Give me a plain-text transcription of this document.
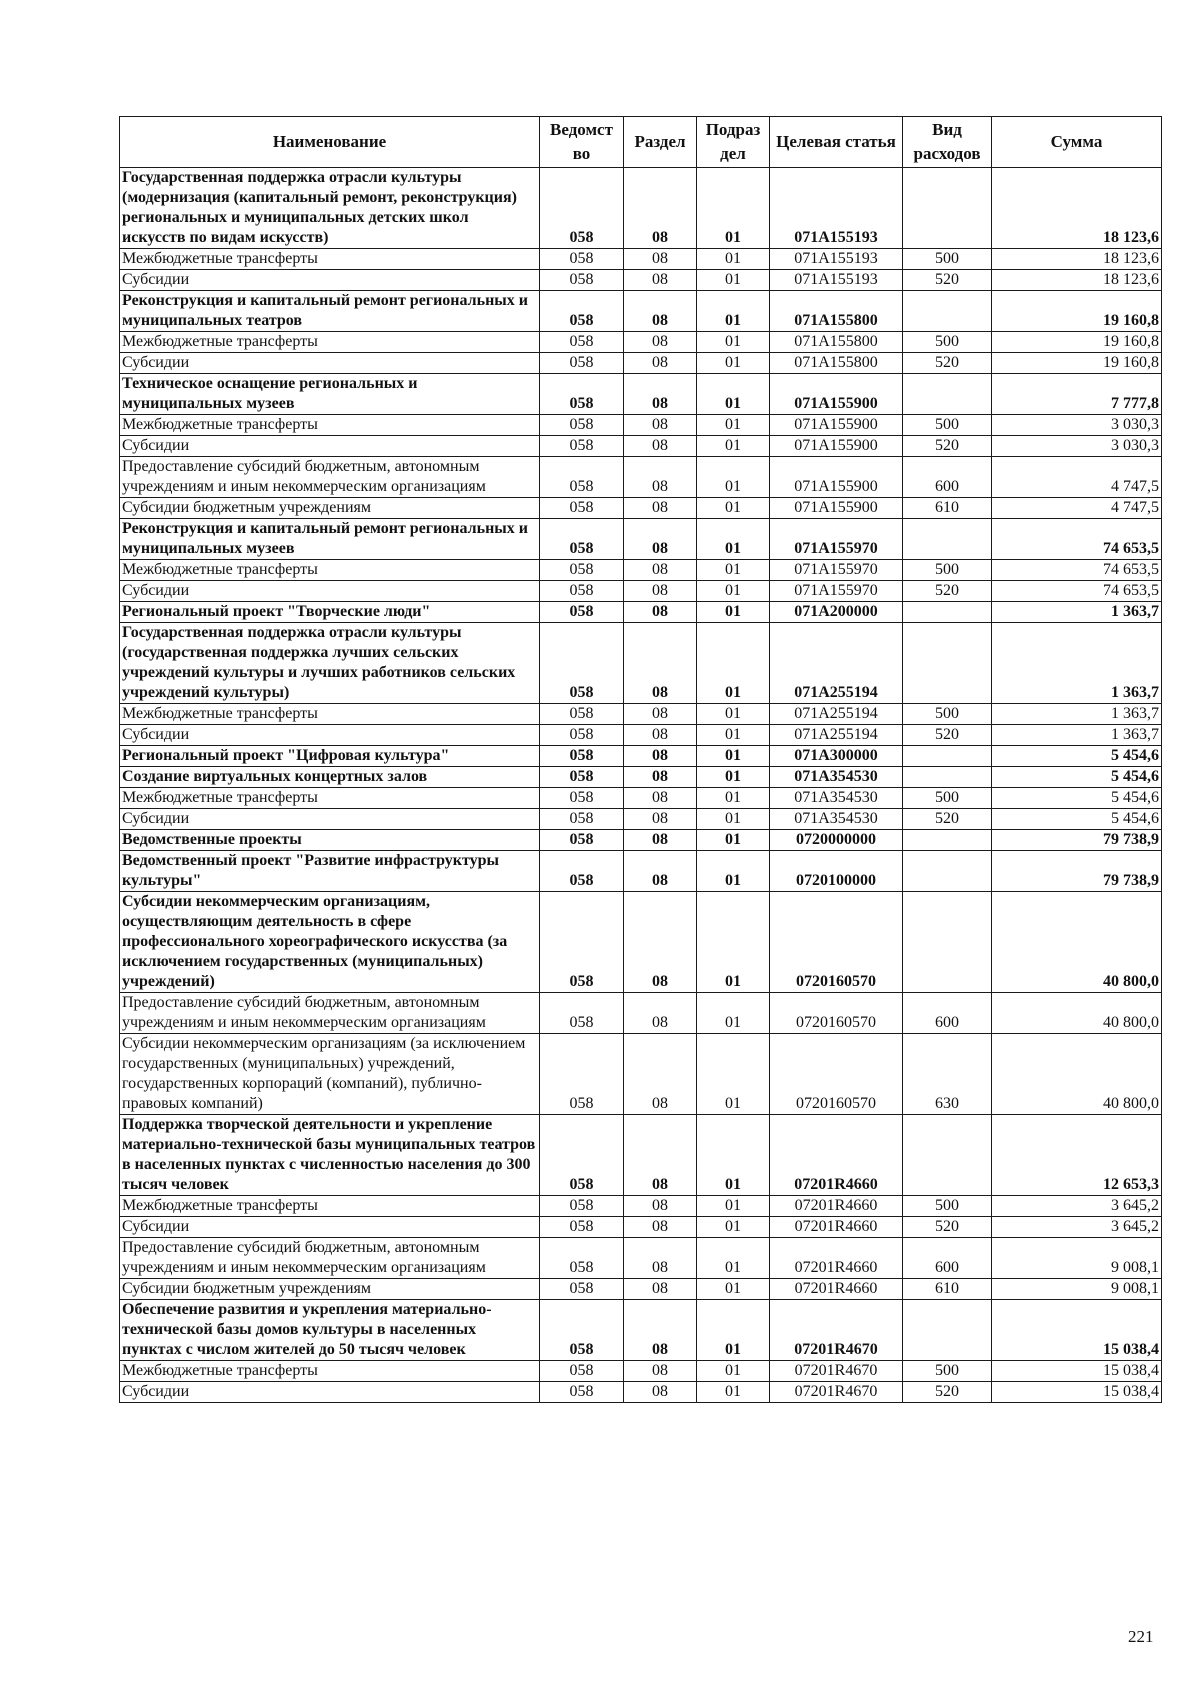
Наименование	Ведомст во	Раздел	Подраз дел	Целевая статья	Вид расходов	Сумма
Государственная поддержка отрасли культуры (модернизация (капитальный ремонт, реконструкция) региональных и муниципальных детских школ искусств по видам искусств)	058	08	01	071A155193		18 123,6
Межбюджетные трансферты	058	08	01	071A155193	500	18 123,6
Субсидии	058	08	01	071A155193	520	18 123,6
Реконструкция и капитальный ремонт региональных и муниципальных театров	058	08	01	071A155800		19 160,8
Межбюджетные трансферты	058	08	01	071A155800	500	19 160,8
Субсидии	058	08	01	071A155800	520	19 160,8
Техническое оснащение региональных и муниципальных музеев	058	08	01	071A155900		7 777,8
Межбюджетные трансферты	058	08	01	071A155900	500	3 030,3
Субсидии	058	08	01	071A155900	520	3 030,3
Предоставление субсидий бюджетным, автономным учреждениям и иным некоммерческим организациям	058	08	01	071A155900	600	4 747,5
Субсидии бюджетным учреждениям	058	08	01	071A155900	610	4 747,5
Реконструкция и капитальный ремонт региональных и муниципальных музеев	058	08	01	071A155970		74 653,5
Межбюджетные трансферты	058	08	01	071A155970	500	74 653,5
Субсидии	058	08	01	071A155970	520	74 653,5
Региональный проект "Творческие люди"	058	08	01	071A200000		1 363,7
Государственная поддержка отрасли культуры (государственная поддержка лучших сельских учреждений культуры и лучших работников сельских учреждений культуры)	058	08	01	071A255194		1 363,7
Межбюджетные трансферты	058	08	01	071A255194	500	1 363,7
Субсидии	058	08	01	071A255194	520	1 363,7
Региональный проект "Цифровая культура"	058	08	01	071A300000		5 454,6
Создание виртуальных концертных залов	058	08	01	071A354530		5 454,6
Межбюджетные трансферты	058	08	01	071A354530	500	5 454,6
Субсидии	058	08	01	071A354530	520	5 454,6
Ведомственные проекты	058	08	01	0720000000		79 738,9
Ведомственный проект "Развитие инфраструктуры культуры"	058	08	01	0720100000		79 738,9
Субсидии некоммерческим организациям, осуществляющим деятельность в сфере профессионального хореографического искусства (за исключением государственных (муниципальных) учреждений)	058	08	01	0720160570		40 800,0
Предоставление субсидий бюджетным, автономным учреждениям и иным некоммерческим организациям	058	08	01	0720160570	600	40 800,0
Субсидии некоммерческим организациям (за исключением государственных (муниципальных) учреждений, государственных корпораций (компаний), публично-правовых компаний)	058	08	01	0720160570	630	40 800,0
Поддержка творческой деятельности и укрепление материально-технической базы муниципальных театров в населенных пунктах с численностью населения до 300 тысяч человек	058	08	01	07201R4660		12 653,3
Межбюджетные трансферты	058	08	01	07201R4660	500	3 645,2
Субсидии	058	08	01	07201R4660	520	3 645,2
Предоставление субсидий бюджетным, автономным учреждениям и иным некоммерческим организациям	058	08	01	07201R4660	600	9 008,1
Субсидии бюджетным учреждениям	058	08	01	07201R4660	610	9 008,1
Обеспечение развития и укрепления материально-технической базы домов культуры в населенных пунктах с числом жителей до 50 тысяч человек	058	08	01	07201R4670		15 038,4
Межбюджетные трансферты	058	08	01	07201R4670	500	15 038,4
Субсидии	058	08	01	07201R4670	520	15 038,4
221
